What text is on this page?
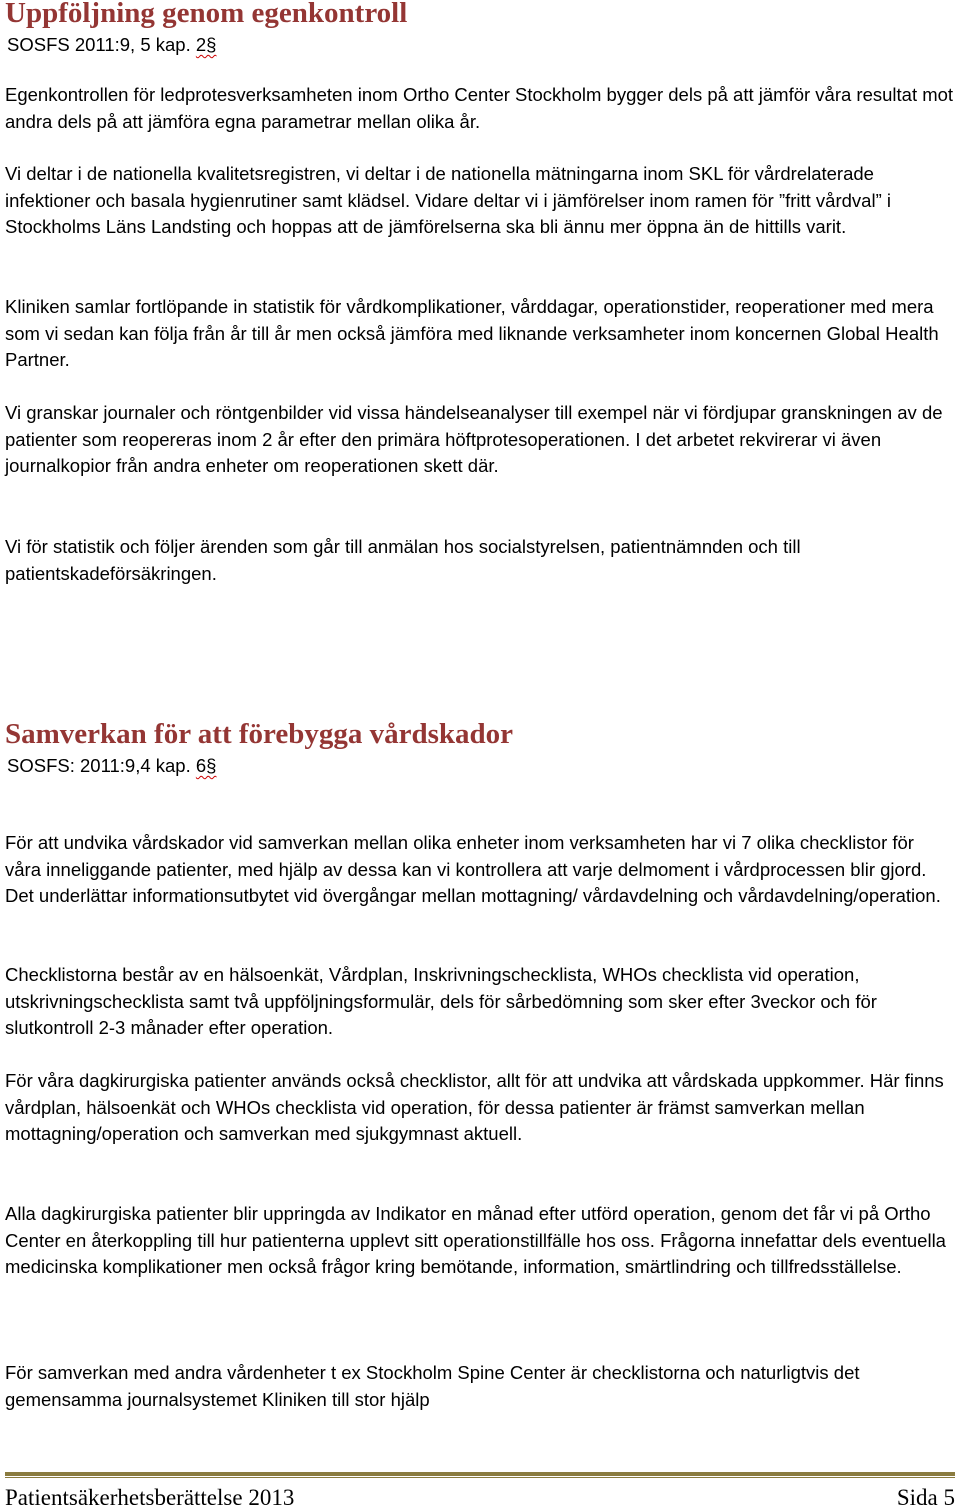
Uppföljning genom egenkontroll

SOSFS 2011:9, 5 kap. 2§

Egenkontrollen för ledprotesverksamheten inom Ortho Center Stockholm bygger dels på att jämför våra resultat mot andra dels på att jämföra egna parametrar mellan olika år.

Vi deltar i de nationella kvalitetsregistren, vi deltar i de nationella mätningarna inom SKL för vårdrelaterade infektioner och basala hygienrutiner samt klädsel. Vidare deltar vi i jämförelser inom ramen för ”fritt vårdval” i Stockholms Läns Landsting och hoppas att de jämförelserna ska bli ännu mer öppna än de hittills varit.

Kliniken samlar fortlöpande in statistik för vårdkomplikationer, vårddagar, operationstider, reoperationer med mera som vi sedan kan följa från år till år men också jämföra med liknande verksamheter inom koncernen Global Health Partner.

Vi granskar journaler och röntgenbilder vid vissa händelseanalyser till exempel när vi fördjupar granskningen av de patienter som reopereras inom 2 år efter den primära höftprotesoperationen. I det arbetet rekvirerar vi även journalkopior från andra enheter om reoperationen skett där.

Vi för statistik och följer ärenden som går till anmälan hos socialstyrelsen, patientnämnden och till patientskadeförsäkringen.

Samverkan för att förebygga vårdskador

SOSFS: 2011:9,4 kap. 6§

För att undvika vårdskador vid samverkan mellan olika enheter inom verksamheten har vi 7 olika checklistor för våra inneliggande patienter, med hjälp av dessa kan vi kontrollera att varje delmoment i vårdprocessen blir gjord. Det underlättar informationsutbytet vid övergångar mellan mottagning/ vårdavdelning och vårdavdelning/operation.

Checklistorna består av en hälsoenkät, Vårdplan, Inskrivningschecklista, WHOs checklista vid operation, utskrivningschecklista samt två uppföljningsformulär, dels för sårbedömning som sker efter 3veckor och för slutkontroll 2-3 månader efter operation.

För våra dagkirurgiska patienter används också checklistor, allt för att undvika att vårdskada uppkommer. Här finns vårdplan, hälsoenkät och WHOs checklista vid operation, för dessa patienter är främst samverkan mellan mottagning/operation och samverkan med sjukgymnast aktuell.

Alla dagkirurgiska patienter blir uppringda av Indikator en månad efter utförd operation, genom det får vi på Ortho Center en återkoppling till hur patienterna upplevt sitt operationstillfälle hos oss. Frågorna innefattar dels eventuella medicinska komplikationer men också frågor kring bemötande, information, smärtlindring och tillfredsställelse.

För samverkan med andra vårdenheter t ex Stockholm Spine Center är checklistorna och naturligtvis det gemensamma journalsystemet Kliniken till stor hjälp

Patientsäkerhetsberättelse 2013	Sida 5
